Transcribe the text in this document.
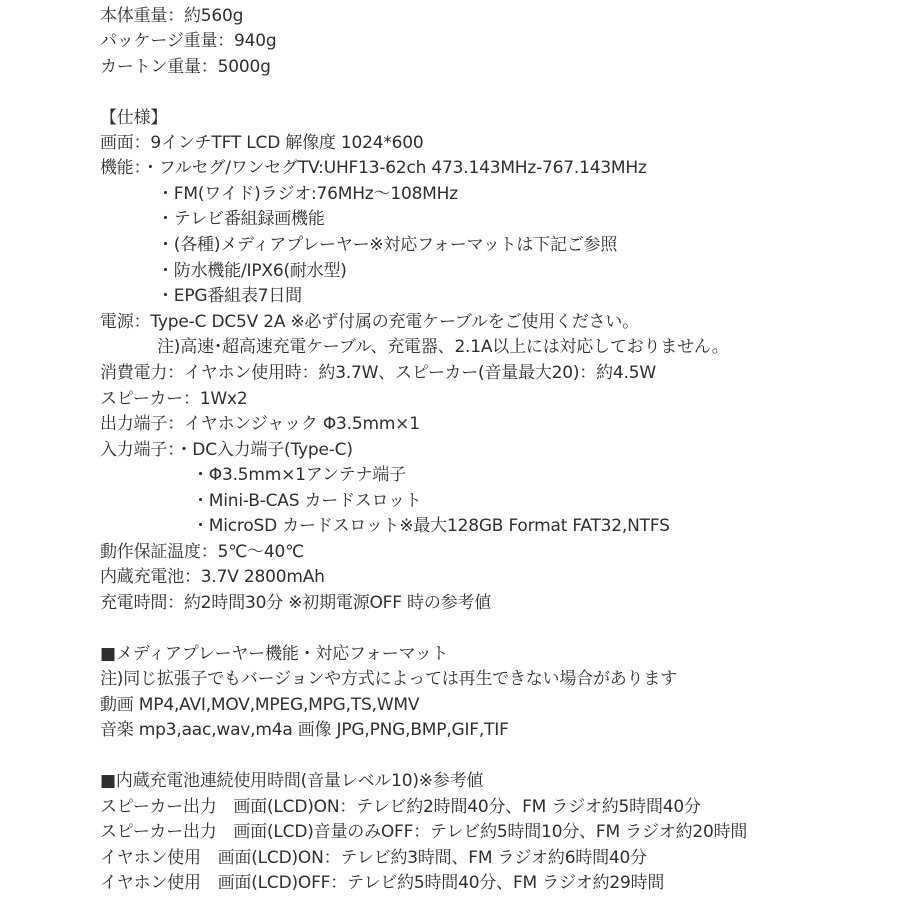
本体重量：約560g
パッケージ重量：940g
カートン重量：5000g
【仕様】
画面：9インチTFT LCD 解像度 1024*600
機能：・フルセグ/ワンセグTV:UHF13-62ch 473.143MHz-767.143MHz
・FM(ワイド)ラジオ:76MHz～108MHz
・テレビ番組録画機能
・(各種)メディアプレーヤー※対応フォーマットは下記ご参照
・防水機能/IPX6(耐水型)
・EPG番組表7日間
電源：Type-C DC5V 2A ※必ず付属の充電ケーブルをご使用ください。
注)高速･超高速充電ケーブル、充電器、2.1A以上には対応しておりません。
消費電力：イヤホン使用時：約3.7W、スピーカー(音量最大20)：約4.5W
スピーカー：1Wx2
出力端子：イヤホンジャック Φ3.5mm×1
入力端子：・DC入力端子(Type-C)
・Φ3.5mm×1アンテナ端子
・Mini-B-CAS カードスロット
・MicroSD カードスロット※最大128GB Format FAT32,NTFS
動作保証温度：5℃～40℃
内蔵充電池：3.7V 2800mAh
充電時間：約2時間30分 ※初期電源OFF 時の参考値
■メディアプレーヤー機能・対応フォーマット
注)同じ拡張子でもバージョンや方式によっては再生できない場合があります
動画 MP4,AVI,MOV,MPEG,MPG,TS,WMV
音楽 mp3,aac,wav,m4a 画像 JPG,PNG,BMP,GIF,TIF
■内蔵充電池連続使用時間(音量レベル10)※参考値
スピーカー出力　画面(LCD)ON：テレビ約2時間40分、FM ラジオ約5時間40分
スピーカー出力　画面(LCD)音量のみOFF：テレビ約5時間10分、FM ラジオ約20時間
イヤホン使用　画面(LCD)ON：テレビ約3時間、FM ラジオ約6時間40分
イヤホン使用　画面(LCD)OFF：テレビ約5時間40分、FM ラジオ約29時間
